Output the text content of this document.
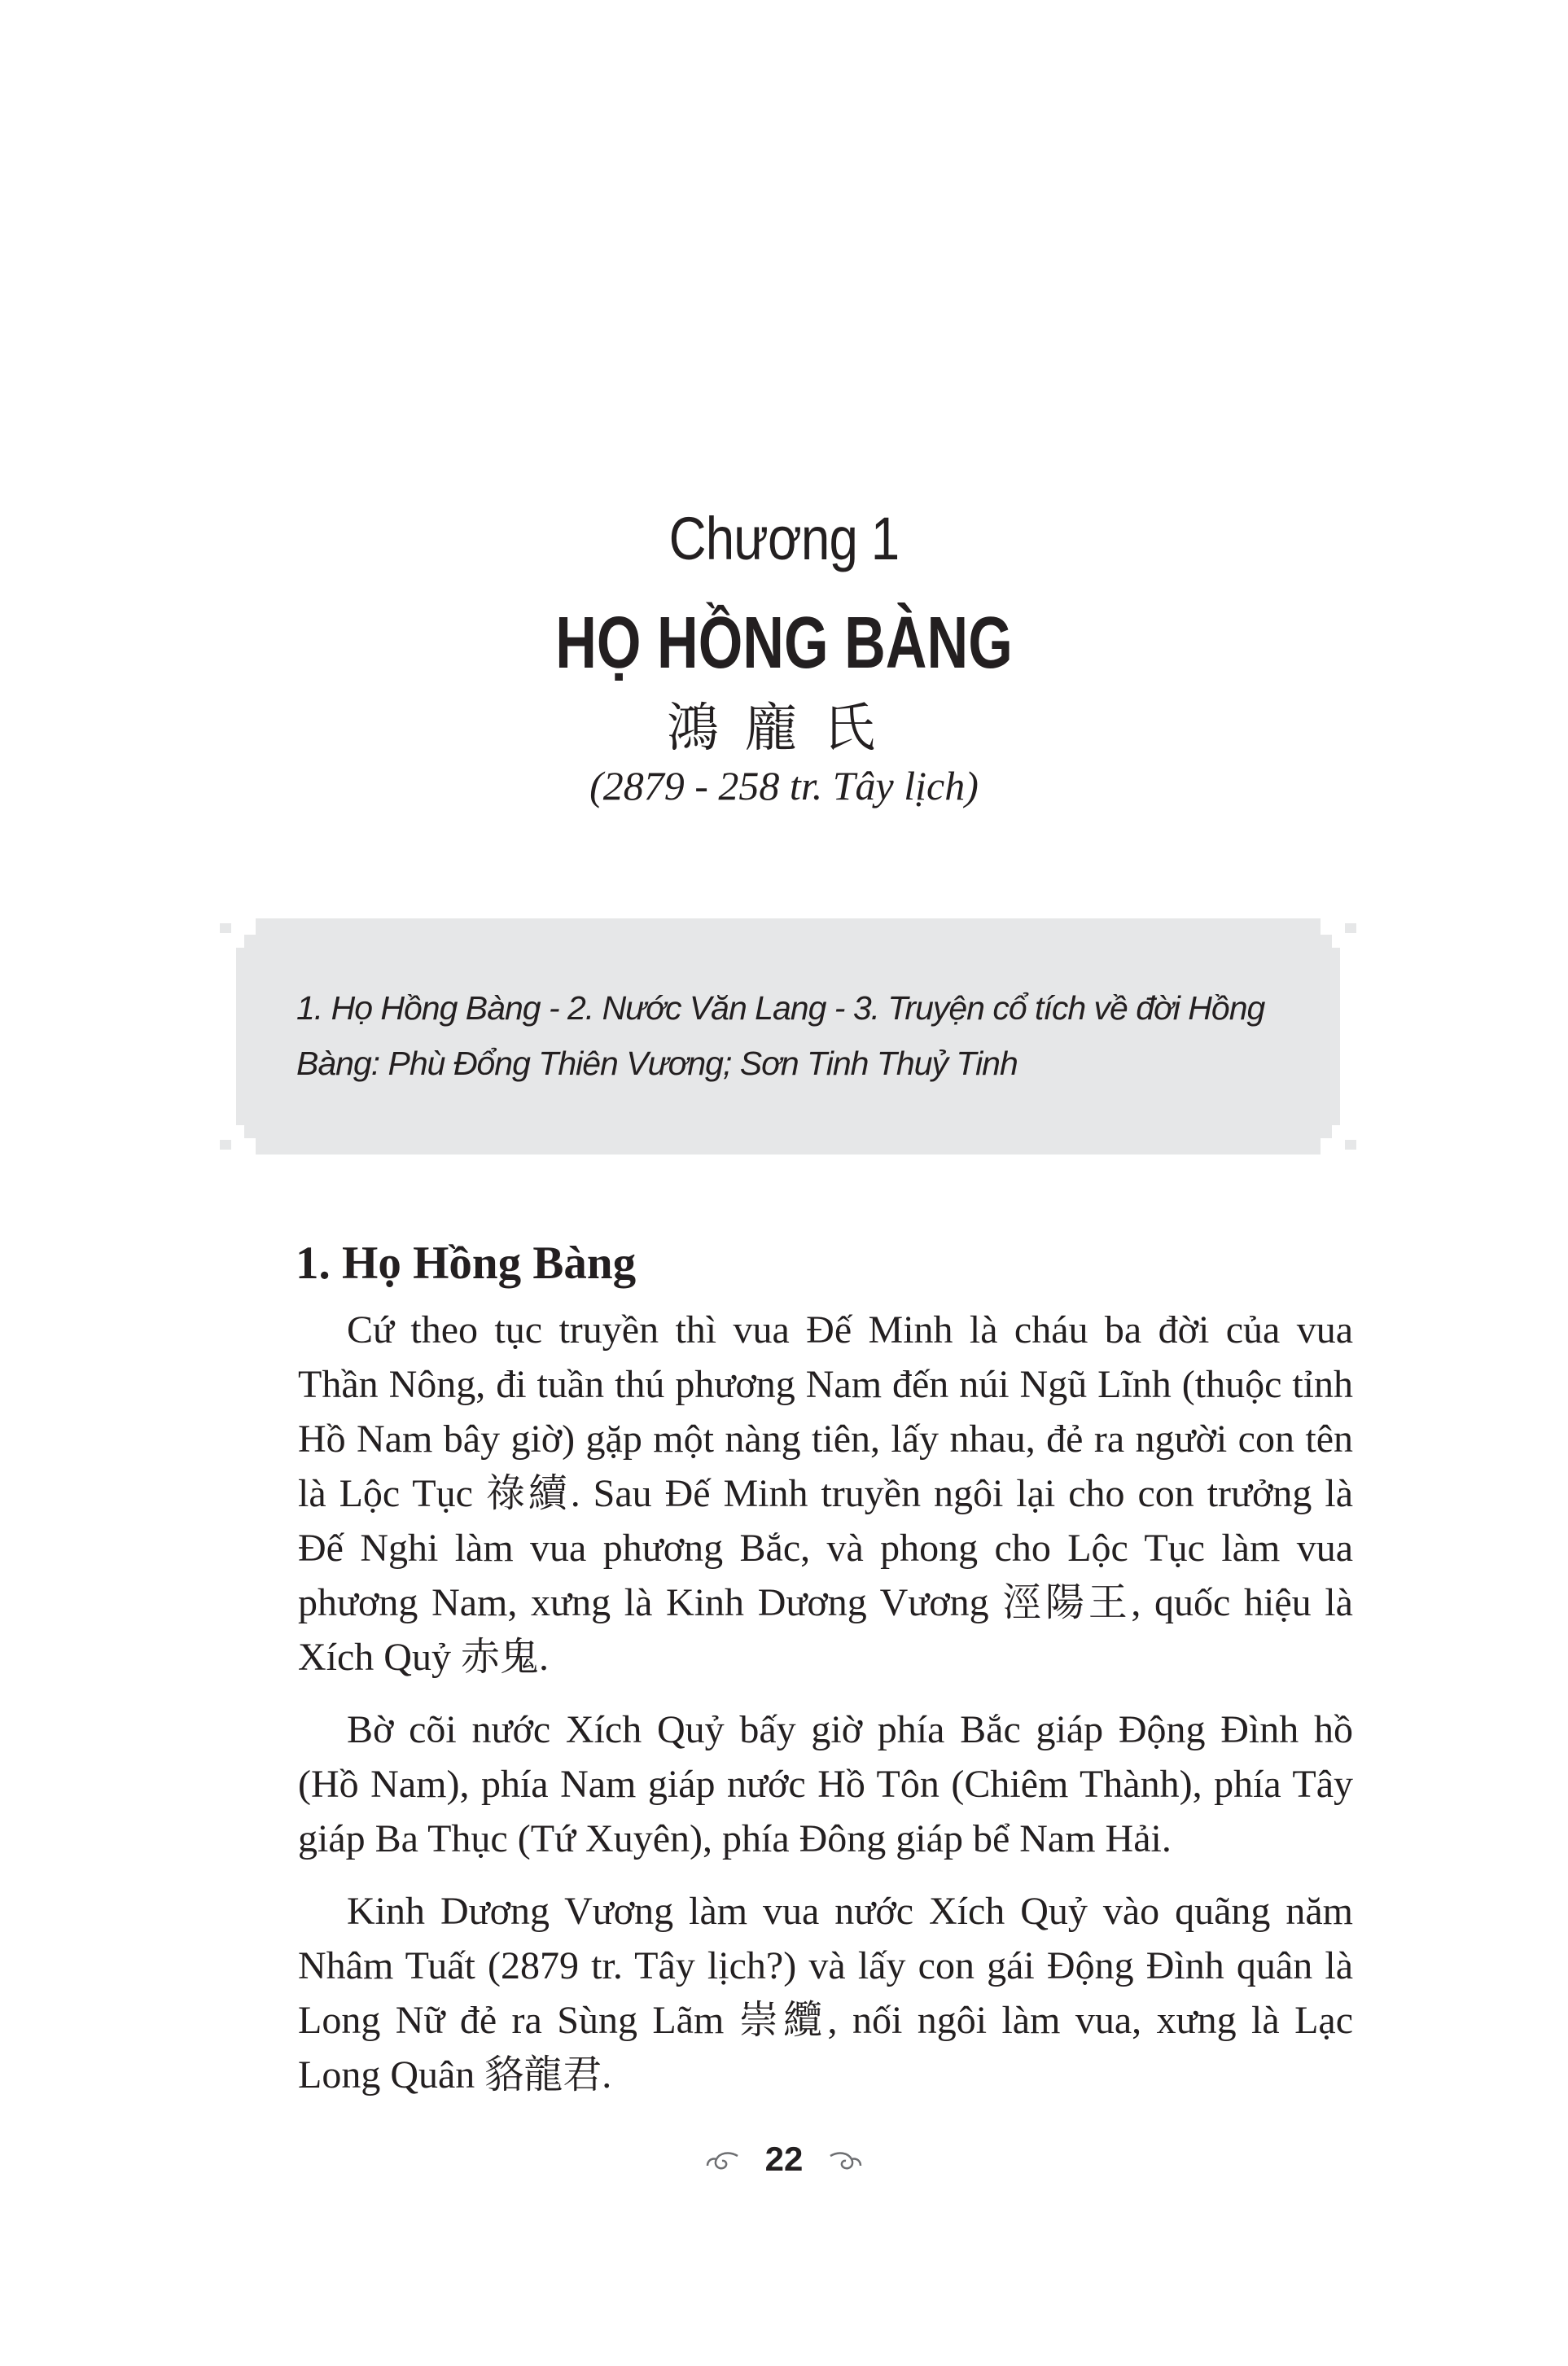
Chương 1
HỌ HỒNG BÀNG
鴻龐氏
(2879 - 258 tr. Tây lịch)
1. Họ Hồng Bàng - 2. Nước Văn Lang - 3. Truyện cổ tích về đời Hồng Bàng: Phù Đổng Thiên Vương; Sơn Tinh Thuỷ Tinh
1. Họ Hồng Bàng

Cứ theo tục truyền thì vua Đế Minh là cháu ba đời của vua Thần Nông, đi tuần thú phương Nam đến núi Ngũ Lĩnh (thuộc tỉnh Hồ Nam bây giờ) gặp một nàng tiên, lấy nhau, đẻ ra người con tên là Lộc Tục 祿續. Sau Đế Minh truyền ngôi lại cho con trưởng là Đế Nghi làm vua phương Bắc, và phong cho Lộc Tục làm vua phương Nam, xưng là Kinh Dương Vương 涇陽王, quốc hiệu là Xích Quỷ 赤鬼.

Bờ cõi nước Xích Quỷ bấy giờ phía Bắc giáp Động Đình hồ (Hồ Nam), phía Nam giáp nước Hồ Tôn (Chiêm Thành), phía Tây giáp Ba Thục (Tứ Xuyên), phía Đông giáp bể Nam Hải.

Kinh Dương Vương làm vua nước Xích Quỷ vào quãng năm Nhâm Tuất (2879 tr. Tây lịch?) và lấy con gái Động Đình quân là Long Nữ đẻ ra Sùng Lãm 崇纜, nối ngôi làm vua, xưng là Lạc Long Quân 貉龍君.

22
